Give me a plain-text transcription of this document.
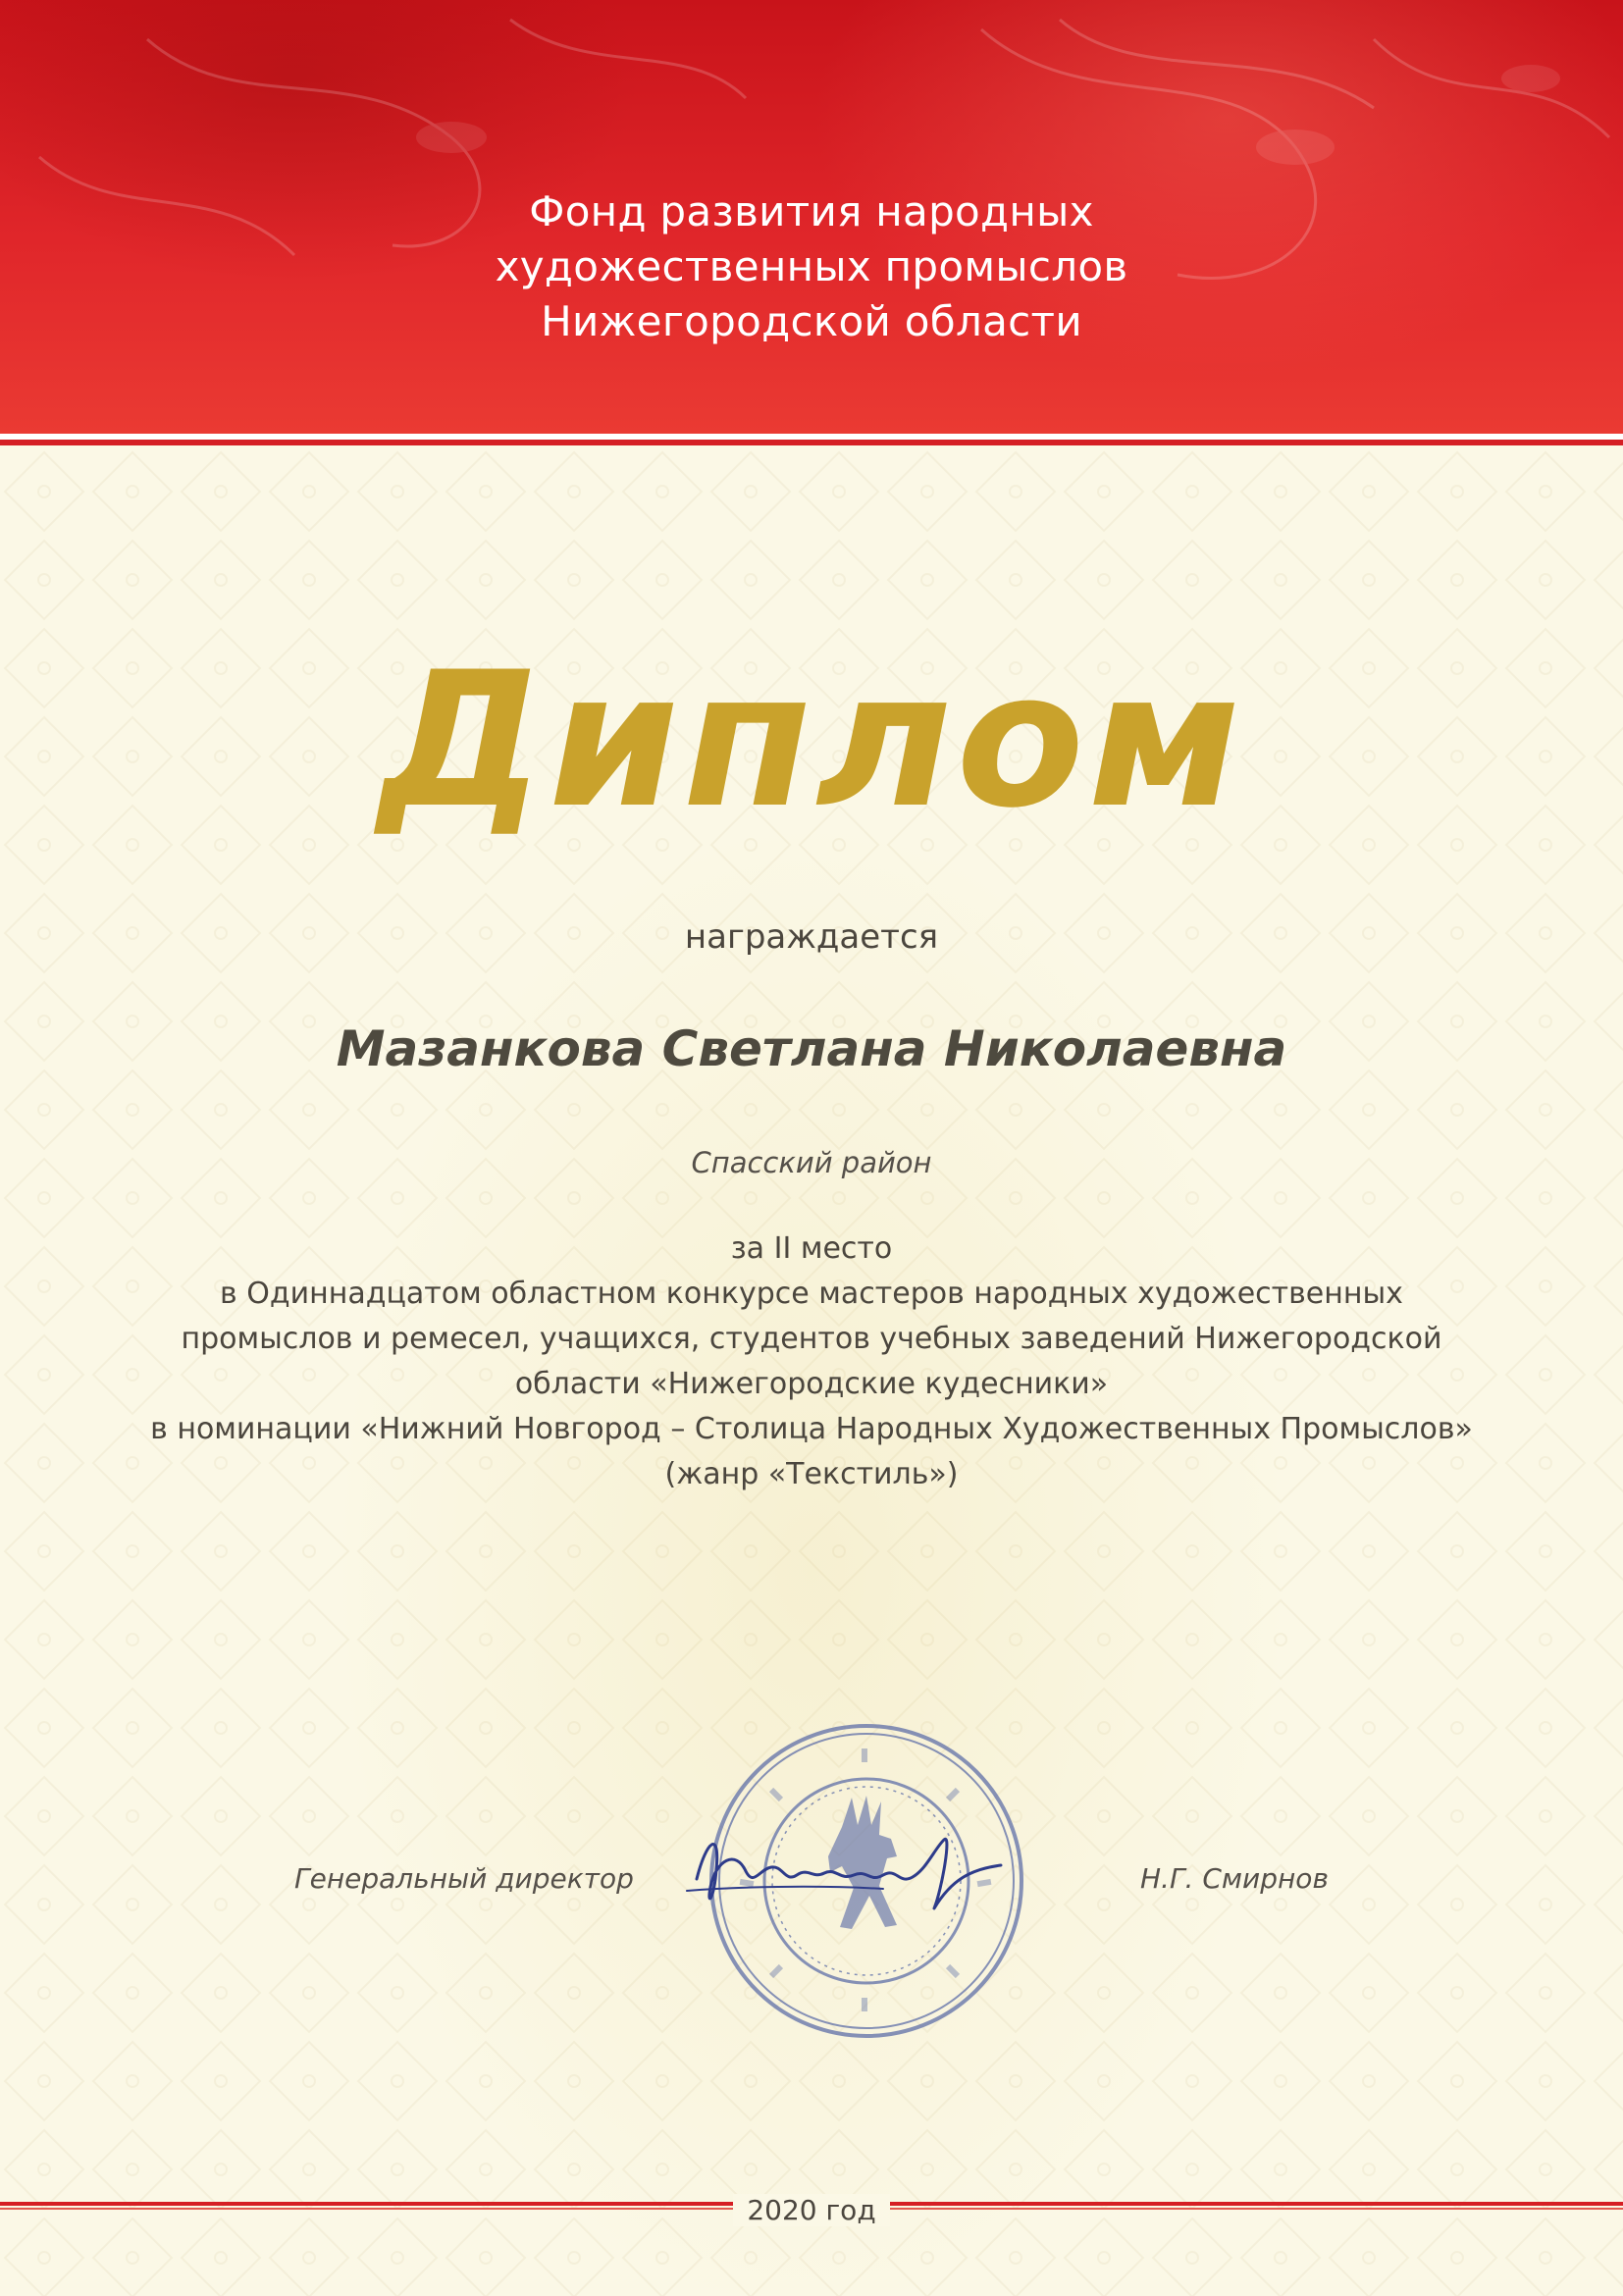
Фонд развития народных
художественных промыслов
Нижегородской области
Диплом
награждается
Мазанкова Светлана Николаевна
Спасский район
за II место
в Одиннадцатом областном конкурсе мастеров народных художественных
промыслов и ремесел, учащихся, студентов учебных заведений Нижегородской
области «Нижегородские кудесники»
в номинации «Нижний Новгород – Столица Народных Художественных Промыслов»
(жанр «Текстиль»)
Генеральный директор	Н.Г. Смирнов
2020 год
